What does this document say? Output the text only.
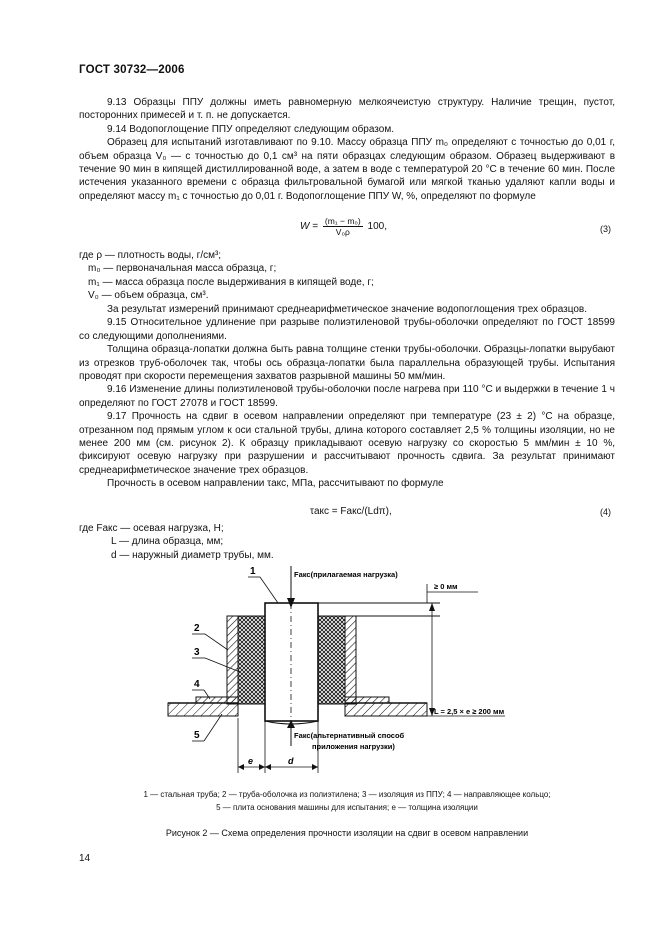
ГОСТ 30732—2006

9.13 Образцы ППУ должны иметь равномерную мелкоячеистую структуру. Наличие трещин, пустот, посторонних примесей и т. п. не допускается.

9.14 Водопоглощение ППУ определяют следующим образом.

Образец для испытаний изготавливают по 9.10. Массу образца ППУ m₀ определяют с точностью до 0,01 г, объем образца V₀ — с точностью до 0,1 см³ на пяти образцах следующим образом. Образец выдерживают в течение 90 мин в кипящей дистиллированной воде, а затем в воде с температурой 20 °С в течение 60 мин. После истечения указанного времени с образца фильтровальной бумагой или мягкой тканью удаляют капли воды и определяют массу m₁ с точностью до 0,01 г. Водопоглощение ППУ W, %, определяют по формуле

$W = \frac{\text{(m₁ − m₀)}}{\text{V₀ρ}} 100$,	(3)
где ρ — плотность воды, г/см³;
m₀ — первоначальная масса образца, г;
m₁ — масса образца после выдерживания в кипящей воде, г;
V₀ — объем образца, см³.

За результат измерений принимают среднеарифметическое значение водопоглощения трех образцов.

9.15 Относительное удлинение при разрыве полиэтиленовой трубы-оболочки определяют по ГОСТ 18599 со следующими дополнениями.

Толщина образца-лопатки должна быть равна толщине стенки трубы-оболочки. Образцы-лопатки вырубают из отрезков труб-оболочек так, чтобы ось образца-лопатки была параллельна образующей трубы. Испытания проводят при скорости перемещения захватов разрывной машины 50 мм/мин.

9.16 Изменение длины полиэтиленовой трубы-оболочки после нагрева при 110 °С и выдержки в течение 1 ч определяют по ГОСТ 27078 и ГОСТ 18599.

9.17 Прочность на сдвиг в осевом направлении определяют при температуре (23 ± 2) °С на образце, отрезанном под прямым углом к оси стальной трубы, длина которого составляет 2,5 % толщины изоляции, но не менее 200 мм (см. рисунок 2). К образцу прикладывают осевую нагрузку со скоростью 5 мм/мин ± 10 %, фиксируют осевую нагрузку при разрушении и рассчитывают прочность сдвига. За результат принимают среднеарифметическое значение трех образцов.

Прочность в осевом направлении τакс, МПа, рассчитывают по формуле

τакс = Fакс/(Ldπ),	(4)
где Fакс — осевая нагрузка, Н;
L — длина образца, мм;
d — наружный диаметр трубы, мм.
1
2
3
4
5
Fакс(прилагаемая нагрузка)
Fакс(альтернативный способ
приложения нагрузки)
≥ 0 мм
L = 2,5 × e ≥ 200 мм
e	d
1 — стальная труба; 2 — труба-оболочка из полиэтилена; 3 — изоляция из ППУ; 4 — направляющее кольцо;
5 — плита основания машины для испытания; e — толщина изоляции
Рисунок 2 — Схема определения прочности изоляции на сдвиг в осевом направлении
14
